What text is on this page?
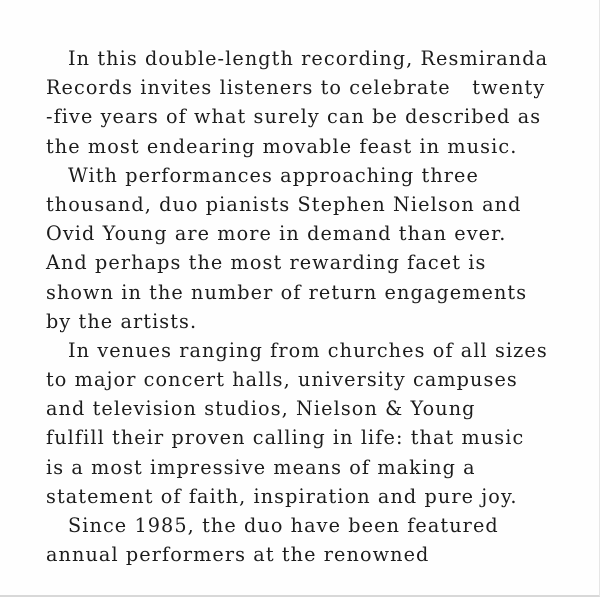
In this double-length recording, Resmiranda
Records invites listeners to celebrate   twenty
-five years of what surely can be described as
the most endearing movable feast in music.
With performances approaching three
thousand, duo pianists Stephen Nielson and
Ovid Young are more in demand than ever.
And perhaps the most rewarding facet is
shown in the number of return engagements
by the artists.
In venues ranging from churches of all sizes
to major concert halls, university campuses
and television studios, Nielson & Young
fulfill their proven calling in life: that music
is a most impressive means of making a
statement of faith, inspiration and pure joy.
Since 1985, the duo have been featured
annual performers at the renowned
